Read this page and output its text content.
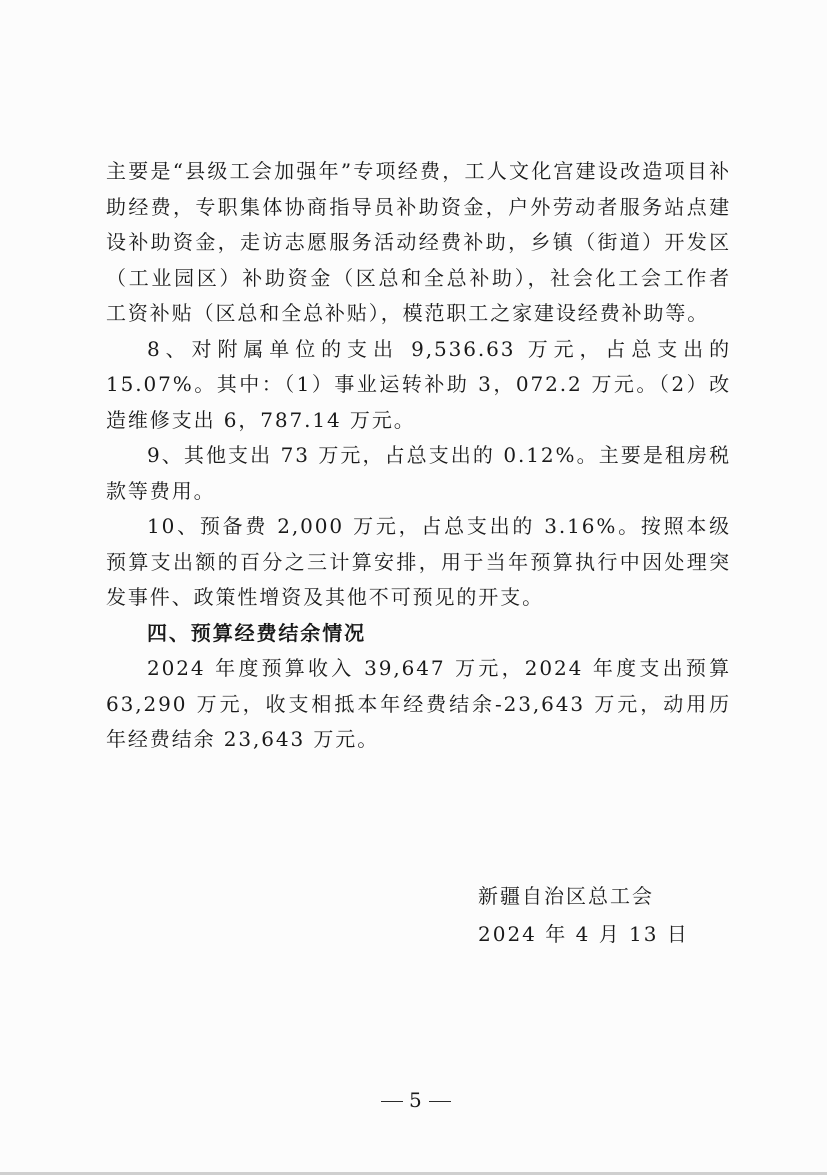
主要是“县级工会加强年”专项经费，工人文化宫建设改造项目补助经费，专职集体协商指导员补助资金，户外劳动者服务站点建设补助资金，走访志愿服务活动经费补助，乡镇（街道）开发区（工业园区）补助资金（区总和全总补助），社会化工会工作者工资补贴（区总和全总补贴），模范职工之家建设经费补助等。

8、对附属单位的支出 9,536.63 万元，占总支出的 15.07%。其中：（1）事业运转补助 3，072.2 万元。（2）改造维修支出 6，787.14 万元。

9、其他支出 73 万元，占总支出的 0.12%。主要是租房税款等费用。

10、预备费 2,000 万元，占总支出的 3.16%。按照本级预算支出额的百分之三计算安排，用于当年预算执行中因处理突发事件、政策性增资及其他不可预见的开支。

四、预算经费结余情况

2024 年度预算收入 39,647 万元，2024 年度支出预算 63,290 万元，收支相抵本年经费结余-23,643 万元，动用历年经费结余 23,643 万元。

新疆自治区总工会
2024 年 4 月 13 日
5
